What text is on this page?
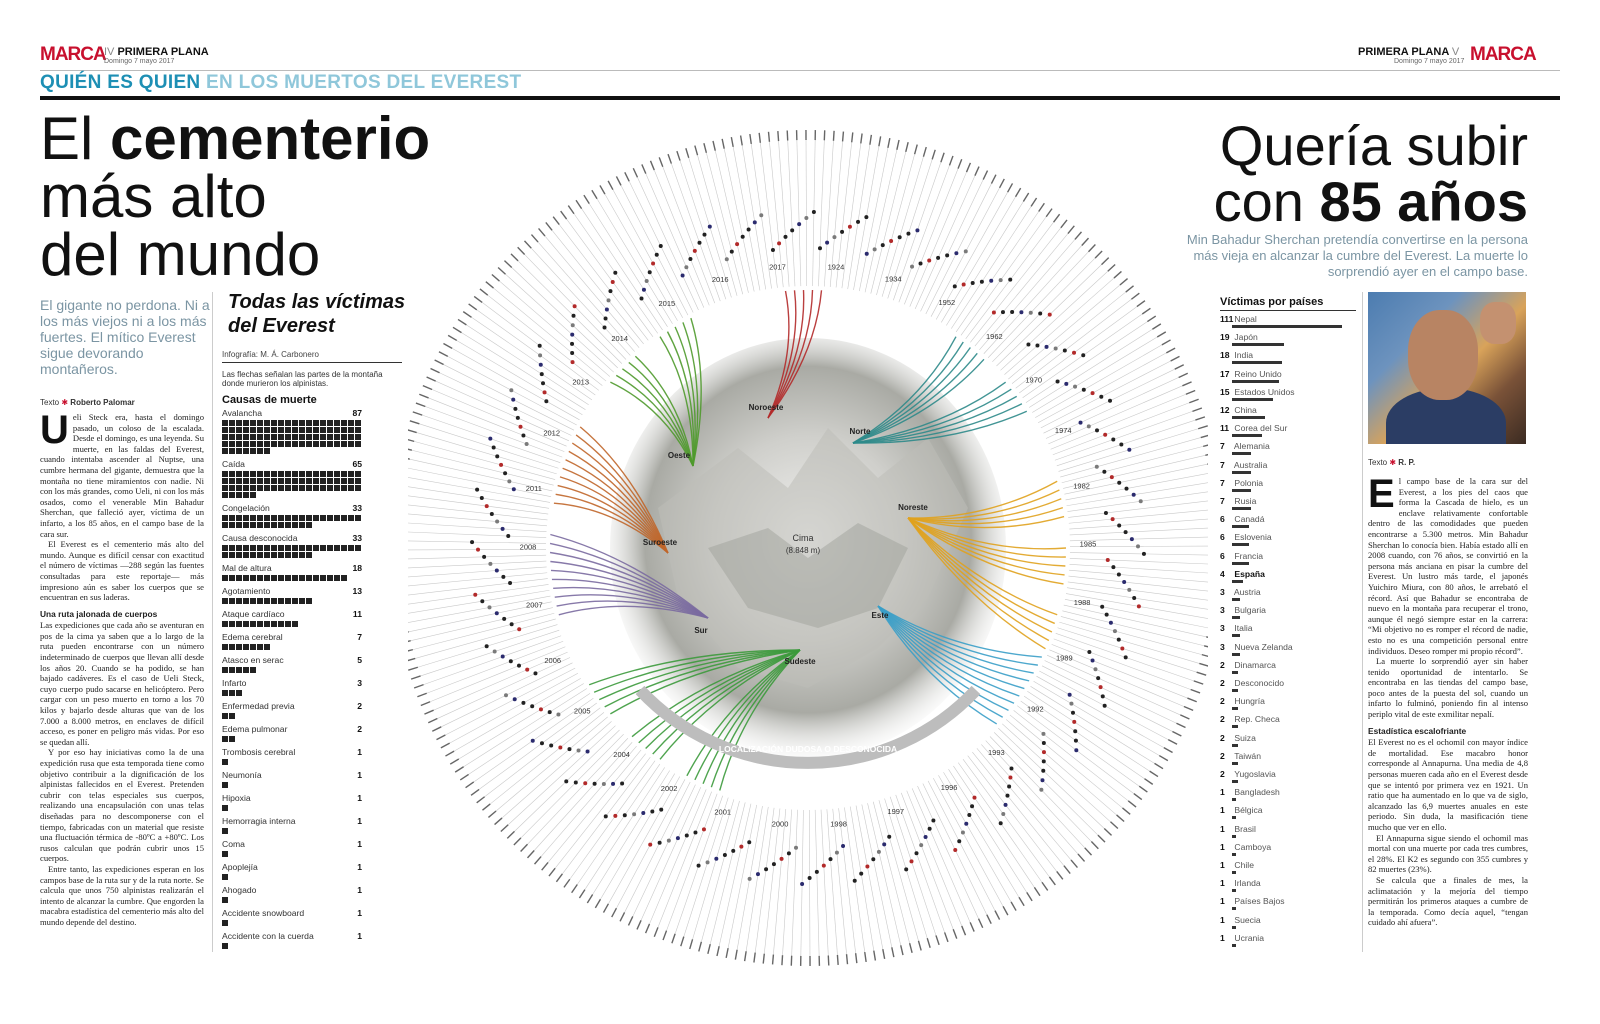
MARCA
IV PRIMERA PLANA
Domingo 7 mayo 2017
PRIMERA PLANA V
Domingo 7 mayo 2017 MARCA
QUIÉN ES QUIEN EN LOS MUERTOS DEL EVEREST
El cementerio
más alto
del mundo
El gigante no perdona. Ni a los más viejos ni a los más fuertes. El mítico Everest sigue devorando montañeros.
Texto ✱ Roberto Palomar
U eli Steck era, hasta el domingo pasado, un coloso de la escalada. Desde el domingo, es una leyenda. Su muerte, en las faldas del Everest, cuando intentaba ascender al Nuptse, una cumbre hermana del gigante, demuestra que la montaña no tiene miramientos con nadie. Ni con los más grandes, como Ueli, ni con los más osados, como el venerable Min Bahadur Sherchan, que falleció ayer, víctima de un infarto, a los 85 años, en el campo base de la cara sur.

El Everest es el cementerio más alto del mundo. Aunque es difícil censar con exactitud el número de víctimas —288 según las fuentes consultadas para este reportaje— más impresiono aún es saber los cuerpos que se encuentran en sus laderas.

Una ruta jalonada de cuerpos

Las expediciones que cada año se aventuran en pos de la cima ya saben que a lo largo de la ruta pueden encontrarse con un número indeterminado de cuerpos que llevan allí desde los años 20. Cuando se ha podido, se han bajado cadáveres. Es el caso de Ueli Steck, cuyo cuerpo pudo sacarse en helicóptero. Pero cargar con un peso muerto en torno a los 70 kilos y bajarlo desde alturas que van de los 7.000 a 8.000 metros, en enclaves de difícil acceso, es poner en peligro más vidas. Por eso se quedan allí.

Y por eso hay iniciativas como la de una expedición rusa que esta temporada tiene como objetivo contribuir a la dignificación de los alpinistas fallecidos en el Everest. Pretenden cubrir con telas especiales sus cuerpos, realizando una encapsulación con unas telas diseñadas para no descomponerse con el tiempo, fabricadas con un material que resiste una fluctuación térmica de -80ºC a +80ºC. Los rusos calculan que podrán cubrir unos 15 cuerpos.

Entre tanto, las expediciones esperan en los campos base de la ruta sur y de la ruta norte. Se calcula que unos 750 alpinistas realizarán el intento de alcanzar la cumbre. Que engorden la macabra estadística del cementerio más alto del mundo depende del destino.

Todas las víctimas
del Everest
Infografía: M. Á. Carbonero
Las flechas señalan las partes de la montaña donde murieron los alpinistas.
Causas de muerte
Avalancha	87
Caída	65
Congelación	33
Causa desconocida	33
Mal de altura	18
Agotamiento	13
Ataque cardíaco	11
Edema cerebral	7
Atasco en serac	5
Infarto	3
Enfermedad previa	2
Edema pulmonar	2
Trombosis cerebral	1
Neumonía	1
Hipoxia	1
Hemorragia interna	1
Coma	1
Apoplejía	1
Ahogado	1
Accidente snowboard	1
Accidente con la cuerda	1
1924
1934
1952
1962
1970
1974
1982
1985
1988
1989
1992
1993
1996
1997
1998
2000
2001
2002
2004
2005
2006
2007
2008
2011
2012
2013
2014
2015
2016
2017
LOCALIZACIÓN DUDOSA O DESCONOCIDA
Cima
(8.848 m)
Noroeste
Norte
Oeste
Noreste
Suroeste
Este
Sur
Sudeste
Quería subir
con 85 años
Min Bahadur Sherchan pretendía convertirse en la persona más vieja en alcanzar la cumbre del Everest. La muerte lo sorprendió ayer en el campo base.
Víctimas por países
111 Nepal
19 Japón
18 India
17 Reino Unido
15 Estados Unidos
12 China
11 Corea del Sur
7 Alemania
7 Australia
7 Polonia
7 Rusia
6 Canadá
6 Eslovenia
6 Francia
4 España
3 Austria
3 Bulgaria
3 Italia
3 Nueva Zelanda
2 Dinamarca
2 Desconocido
2 Hungría
2 Rep. Checa
2 Suiza
2 Taiwán
2 Yugoslavia
1 Bangladesh
1 Bélgica
1 Brasil
1 Camboya
1 Chile
1 Irlanda
1 Países Bajos
1 Suecia
1 Ucrania
Texto ✱ R. P.
E l campo base de la cara sur del Everest, a los pies del caos que forma la Cascada de hielo, es un enclave relativamente confortable dentro de las comodidades que pueden encontrarse a 5.300 metros. Min Bahadur Sherchan lo conocía bien. Había estado allí en 2008 cuando, con 76 años, se convirtió en la persona más anciana en pisar la cumbre del Everest. Un lustro más tarde, el japonés Yuichiro Miura, con 80 años, le arrebató el récord. Así que Bahadur se encontraba de nuevo en la montaña para recuperar el trono, aunque él negó siempre estar en la carrera: “Mi objetivo no es romper el récord de nadie, esto no es una competición personal entre individuos. Deseo romper mi propio récord”.

La muerte lo sorprendió ayer sin haber tenido oportunidad de intentarlo. Se encontraba en las tiendas del campo base, poco antes de la puesta del sol, cuando un infarto lo fulminó, poniendo fin al intenso periplo vital de este exmilitar nepalí.

Estadística escalofriante

El Everest no es el ochomil con mayor índice de mortalidad. Ese macabro honor corresponde al Annapurna. Una media de 4,8 personas mueren cada año en el Everest desde que se intentó por primera vez en 1921. Un ratio que ha aumentado en lo que va de siglo, alcanzado las 6,9 muertes anuales en este periodo. Sin duda, la masificación tiene mucho que ver en ello.

El Annapurna sigue siendo el ochomil mas mortal con una muerte por cada tres cumbres, el 28%. El K2 es segundo con 355 cumbres y 82 muertes (23%).

Se calcula que a finales de mes, la aclimatación y la mejoría del tiempo permitirán los primeros ataques a cumbre de la temporada. Como decía aquel, “tengan cuidado ahí afuera”.
